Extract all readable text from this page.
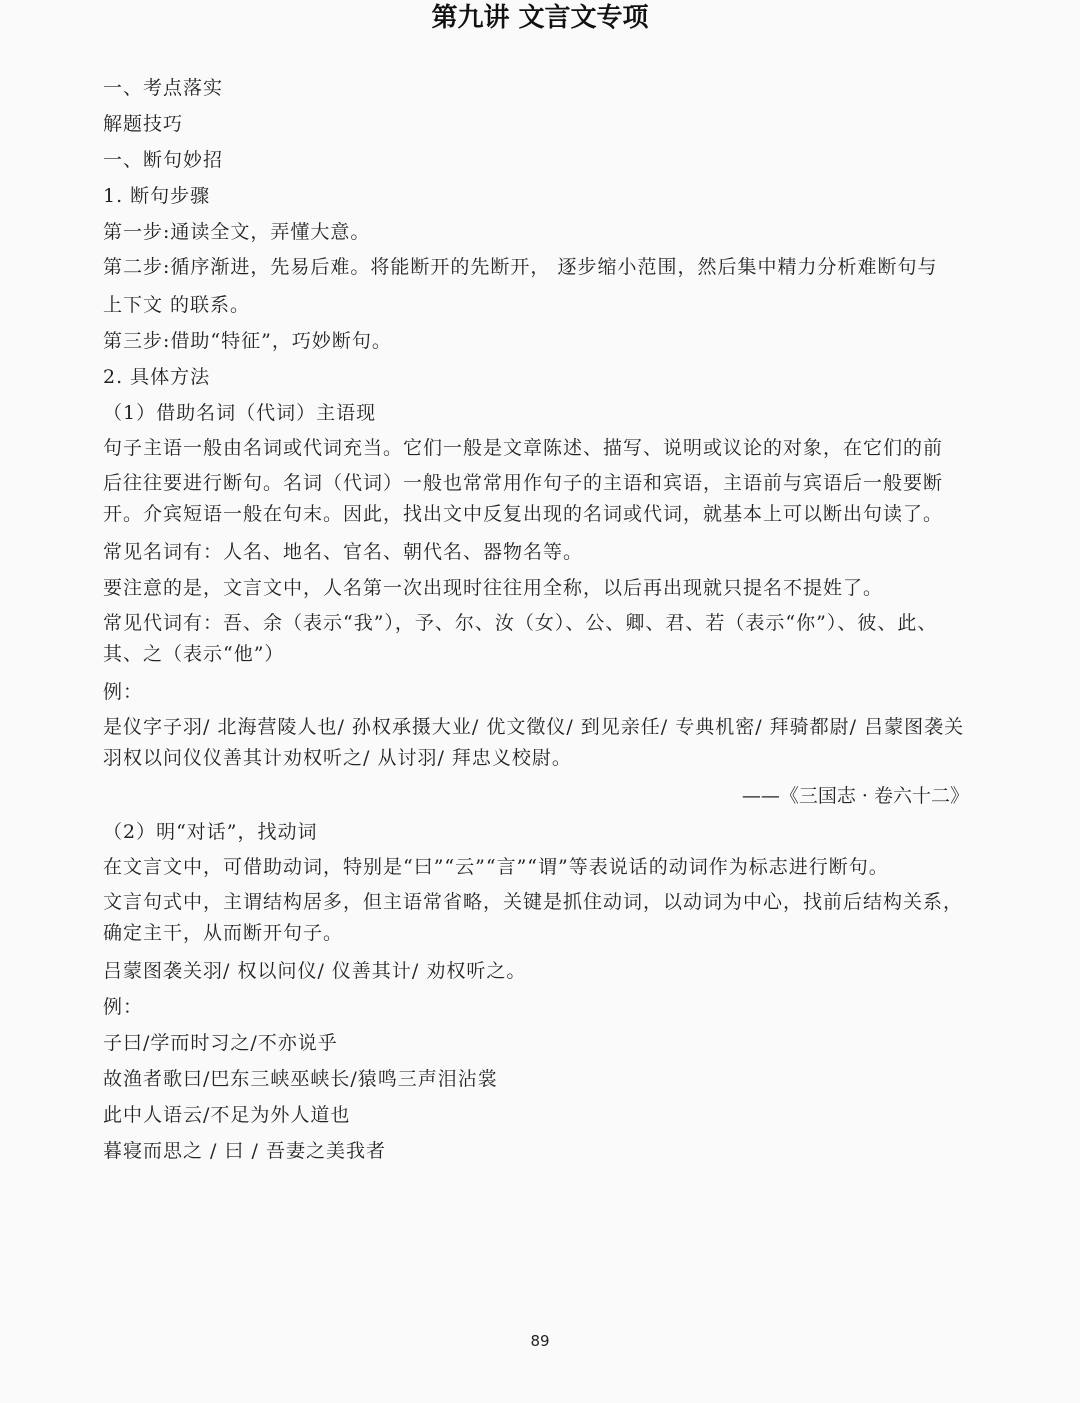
第九讲 文言文专项
一、考点落实
解题技巧
一、断句妙招
1. 断句步骤
第一步:通读全文，弄懂大意。
第二步:循序渐进，先易后难。将能断开的先断开， 逐步缩小范围，然后集中精力分析难断句与
上下文 的联系。
第三步:借助“特征”，巧妙断句。
2. 具体方法
（1）借助名词（代词）主语现
句子主语一般由名词或代词充当。它们一般是文章陈述、描写、说明或议论的对象，在它们的前
后往往要进行断句。名词（代词）一般也常常用作句子的主语和宾语，主语前与宾语后一般要断开。介宾短语一般在句末。因此，找出文中反复出现的名词或代词，就基本上可以断出句读了。
常见名词有：人名、地名、官名、朝代名、器物名等。
要注意的是，文言文中，人名第一次出现时往往用全称，以后再出现就只提名不提姓了。
常见代词有：吾、余（表示“我”），予、尔、汝（女）、公、卿、君、若（表示“你”）、彼、此、其、之（表示“他”）
例：
是仪字子羽/ 北海营陵人也/ 孙权承摄大业/ 优文徵仪/ 到见亲任/ 专典机密/ 拜骑都尉/ 吕蒙图袭关羽权以问仪仪善其计劝权听之/ 从讨羽/ 拜忠义校尉。
——《三国志 · 卷六十二》
（2）明“对话”，找动词
在文言文中，可借助动词，特别是“曰”“云”“言”“谓”等表说话的动词作为标志进行断句。
文言句式中，主谓结构居多，但主语常省略，关键是抓住动词，以动词为中心，找前后结构关系，确定主干，从而断开句子。
吕蒙图袭关羽/ 权以问仪/ 仪善其计/ 劝权听之。
例：
子曰/学而时习之/不亦说乎
故渔者歌曰/巴东三峡巫峡长/猿鸣三声泪沾裳
此中人语云/不足为外人道也
暮寝而思之 / 曰 / 吾妻之美我者
89
